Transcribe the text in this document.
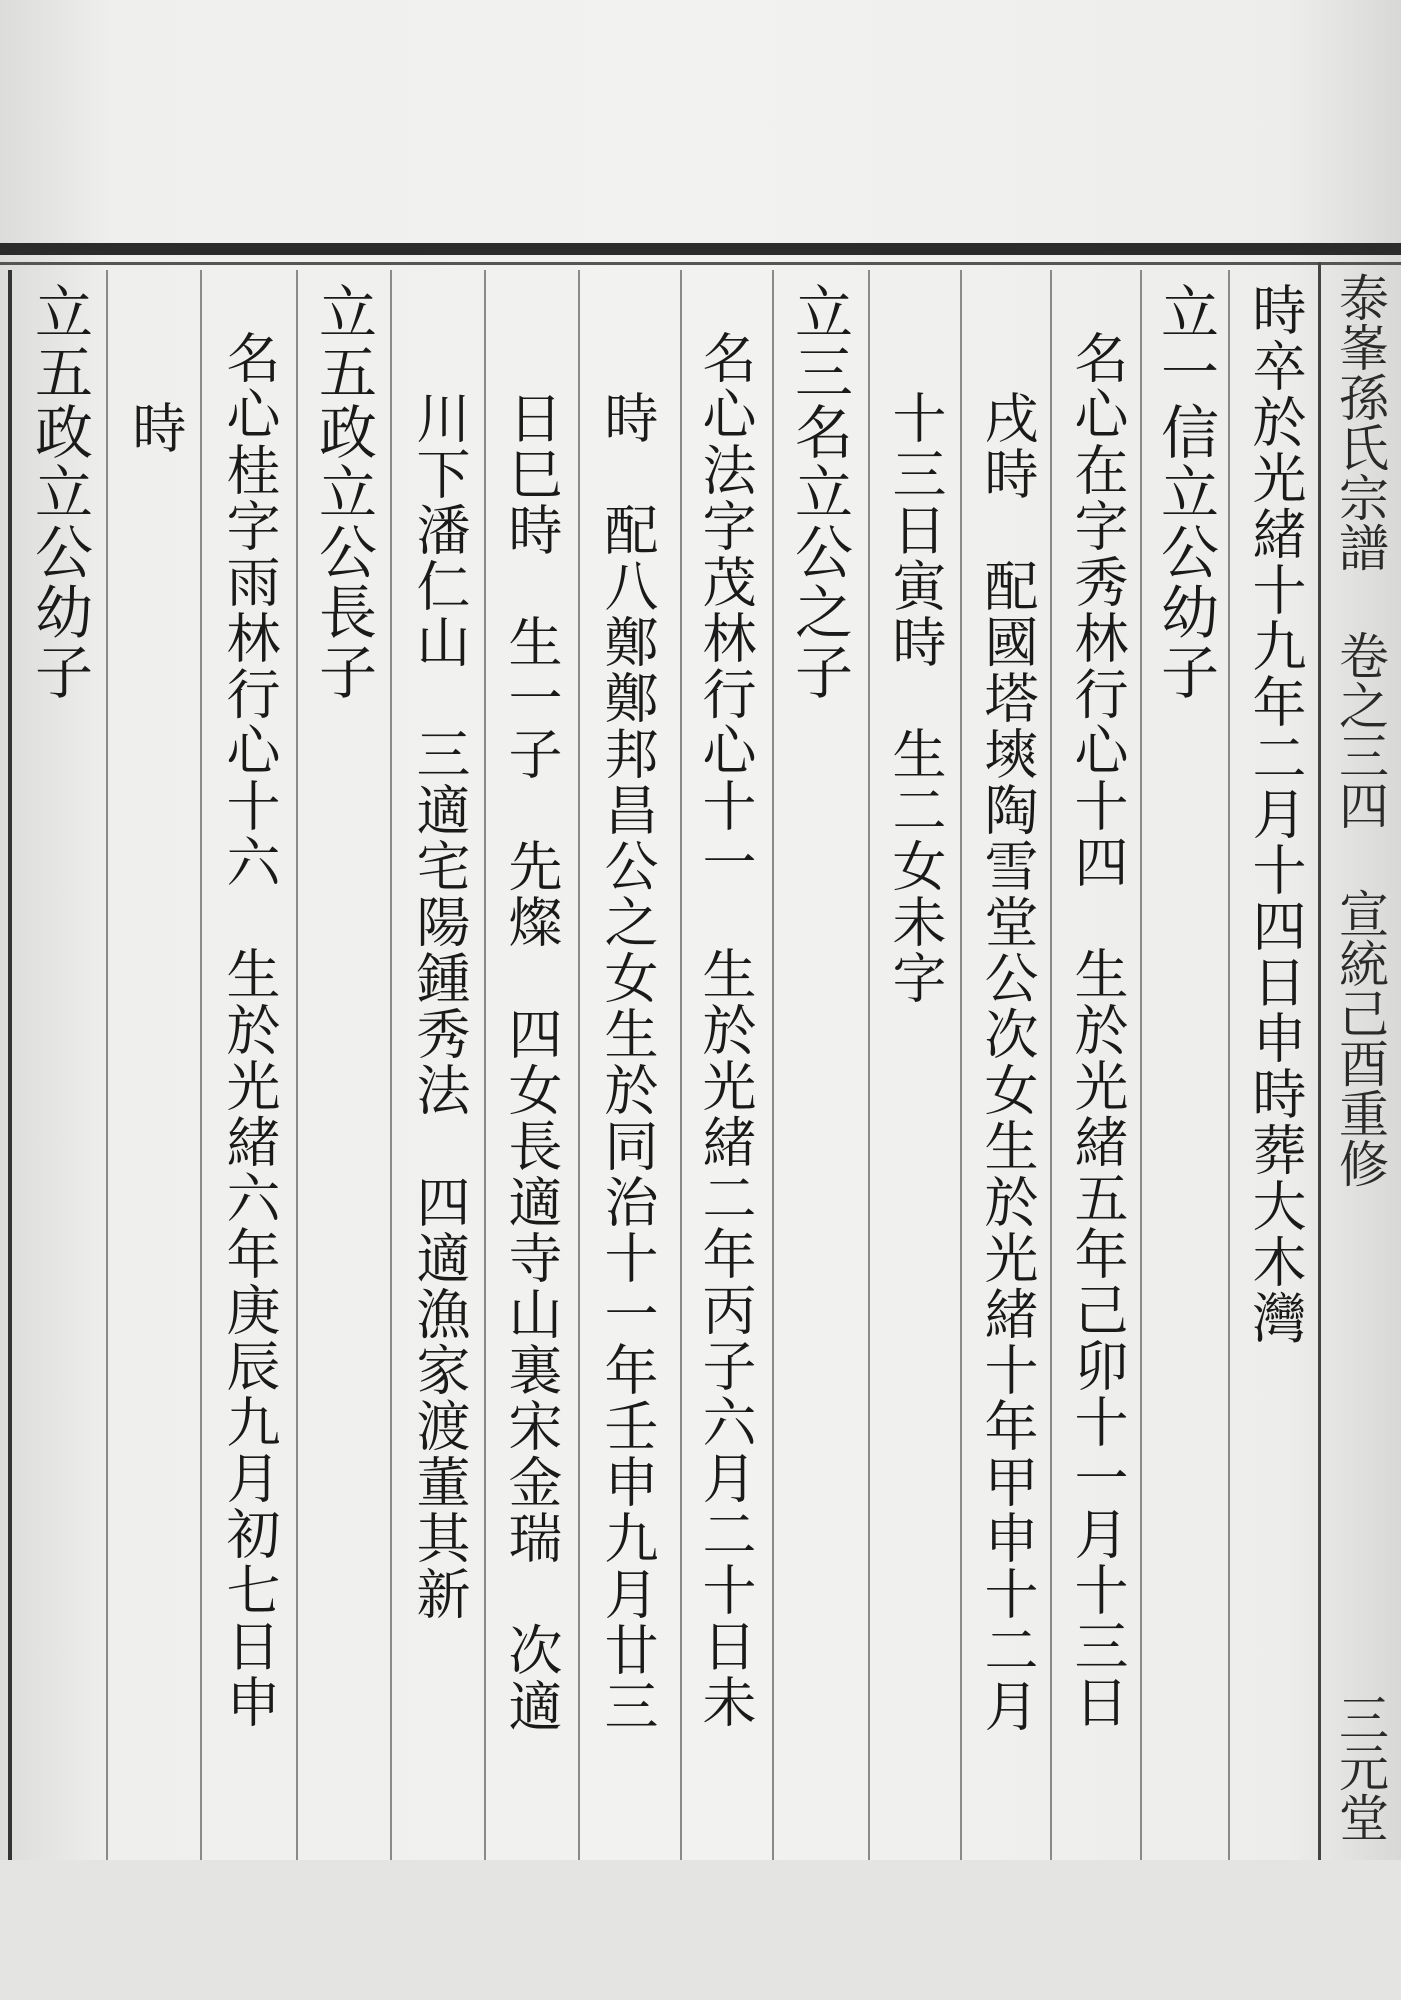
泰峯孫氏宗譜 卷之三四 宣統己酉重修
三元堂
時卒於光緒十九年二月十四日申時葬大木灣
立一信立公幼子
名心在字秀林行心十四　生於光緒五年己卯十一月十三日
戌時　配國塔塽陶雪堂公次女生於光緒十年甲申十二月
十三日寅時　生二女未字
立三名立公之子
名心法字茂林行心十一　生於光緒二年丙子六月二十日未
時　配八鄭鄭邦昌公之女生於同治十一年壬申九月廿三
日巳時　生一子　先燦　四女長適寺山裏宋金瑞　次適
川下潘仁山　三適宅陽鍾秀法　四適漁家渡董其新
立五政立公長子
名心桂字雨林行心十六　生於光緒六年庚辰九月初七日申
時
立五政立公幼子
